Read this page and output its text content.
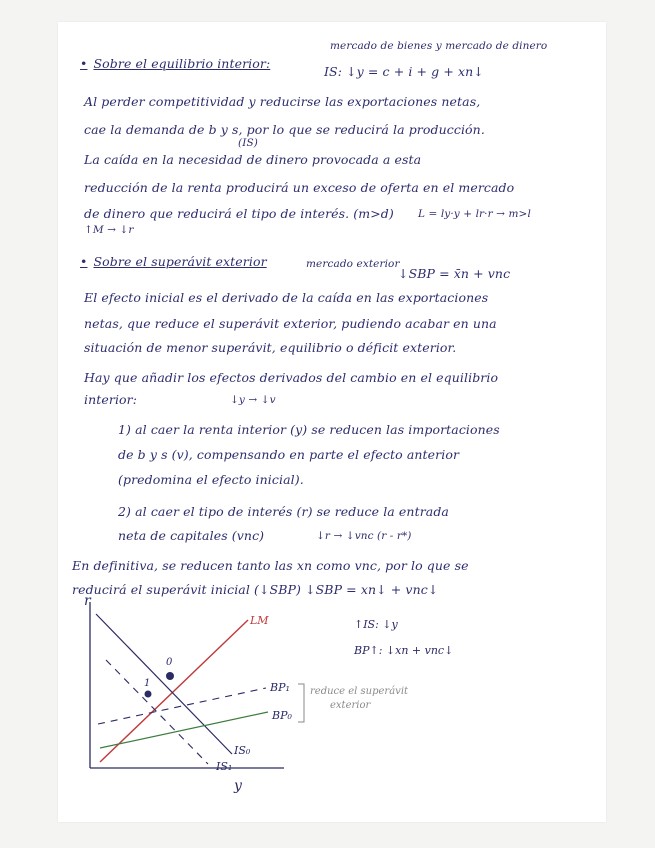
• Sobre el equilibrio interior:
mercado de bienes y mercado de dinero
IS: ↓y = c + i + g + xn↓
Al perder competitividad y reducirse las exportaciones netas,
cae la demanda de b y s, por lo que se reducirá la producción.
(IS)
La caída en la necesidad de dinero provocada a esta
reducción de la renta producirá un exceso de oferta en el mercado
de dinero que reducirá el tipo de interés. (m>d) L = ly·y + lr·r → m>l
↑M → ↓r
• Sobre el superávit exterior	mercado exterior
↓SBP = x̄n + vnc
El efecto inicial es el derivado de la caída en las exportaciones
netas, que reduce el superávit exterior, pudiendo acabar en una
situación de menor superávit, equilibrio o déficit exterior.
Hay que añadir los efectos derivados del cambio en el equilibrio
interior:	↓y → ↓v
1) al caer la renta interior (y) se reducen las importaciones
de b y s (v), compensando en parte el efecto anterior
(predomina el efecto inicial).
2) al caer el tipo de interés (r) se reduce la entrada
neta de capitales (vnc)	↓r → ↓vnc (r - r*)
En definitiva, se reducen tanto las xn como vnc, por lo que se
reducirá el superávit inicial (↓SBP) ↓SBP = xn↓ + vnc↓
r
y
LM
IS₀
IS₁
BP₀
BP₁ reduce el superávit
exterior
0
1
↑IS: ↓y
BP↑: ↓xn + vnc↓
